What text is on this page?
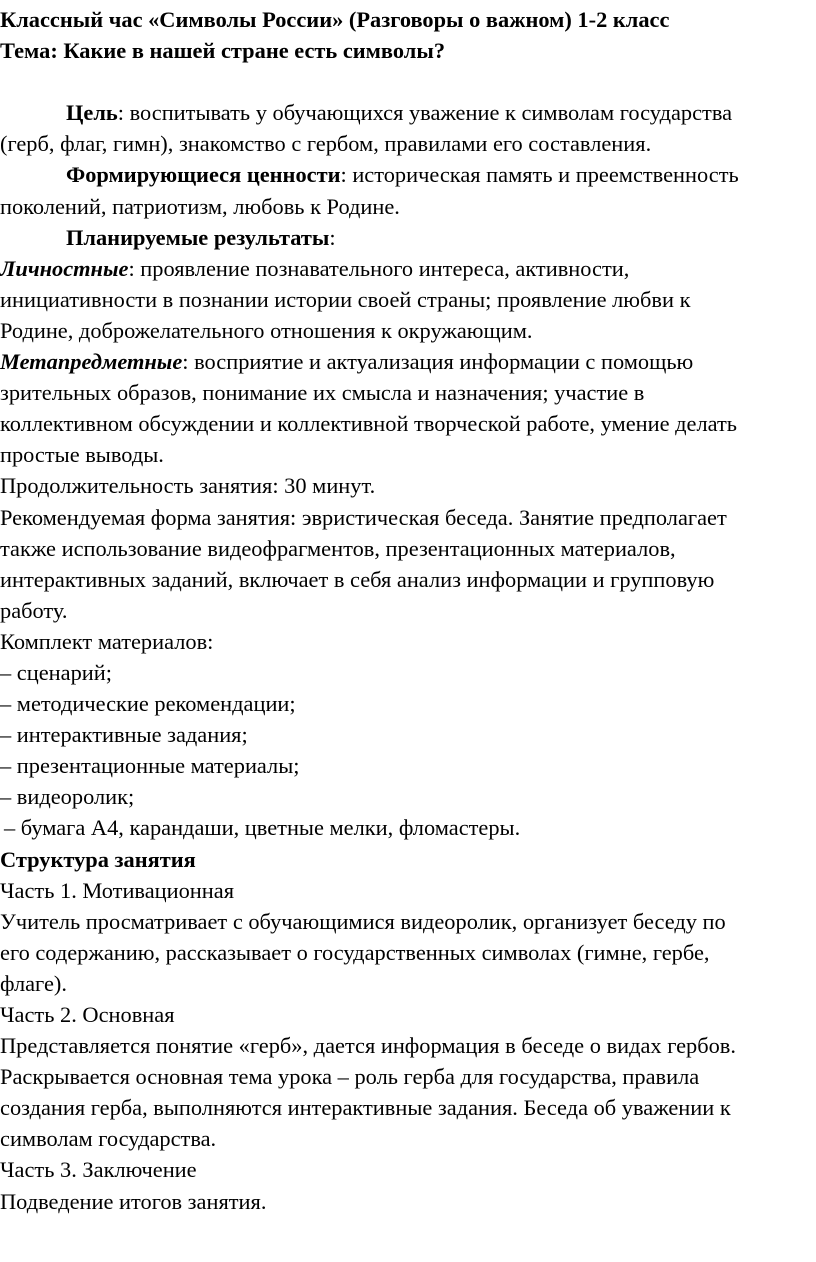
Классный час «Символы России» (Разговоры о важном) 1-2 класс

Тема: Какие в нашей стране есть символы?

Цель: воспитывать у обучающихся уважение к символам государства

(герб, флаг, гимн), знакомство с гербом, правилами его составления.

Формирующиеся ценности: историческая память и преемственность

поколений, патриотизм, любовь к Родине.

Планируемые результаты:

Личностные: проявление познавательного интереса, активности,

инициативности в познании истории своей страны; проявление любви к

Родине, доброжелательного отношения к окружающим.

Метапредметные: восприятие и актуализация информации с помощью

зрительных образов, понимание их смысла и назначения; участие в

коллективном обсуждении и коллективной творческой работе, умение делать

простые выводы.

Продолжительность занятия: 30 минут.

Рекомендуемая форма занятия: эвристическая беседа. Занятие предполагает

также использование видеофрагментов, презентационных материалов,

интерактивных заданий, включает в себя анализ информации и групповую

работу.

Комплект материалов:

– сценарий;

– методические рекомендации;

– интерактивные задания;

– презентационные материалы;

– видеоролик;

– бумага А4, карандаши, цветные мелки, фломастеры.

Структура занятия

Часть 1. Мотивационная

Учитель просматривает с обучающимися видеоролик, организует беседу по

его содержанию, рассказывает о государственных символах (гимне, гербе,

флаге).

Часть 2. Основная

Представляется понятие «герб», дается информация в беседе о видах гербов.

Раскрывается основная тема урока – роль герба для государства, правила

создания герба, выполняются интерактивные задания. Беседа об уважении к

символам государства.

Часть 3. Заключение

Подведение итогов занятия.
